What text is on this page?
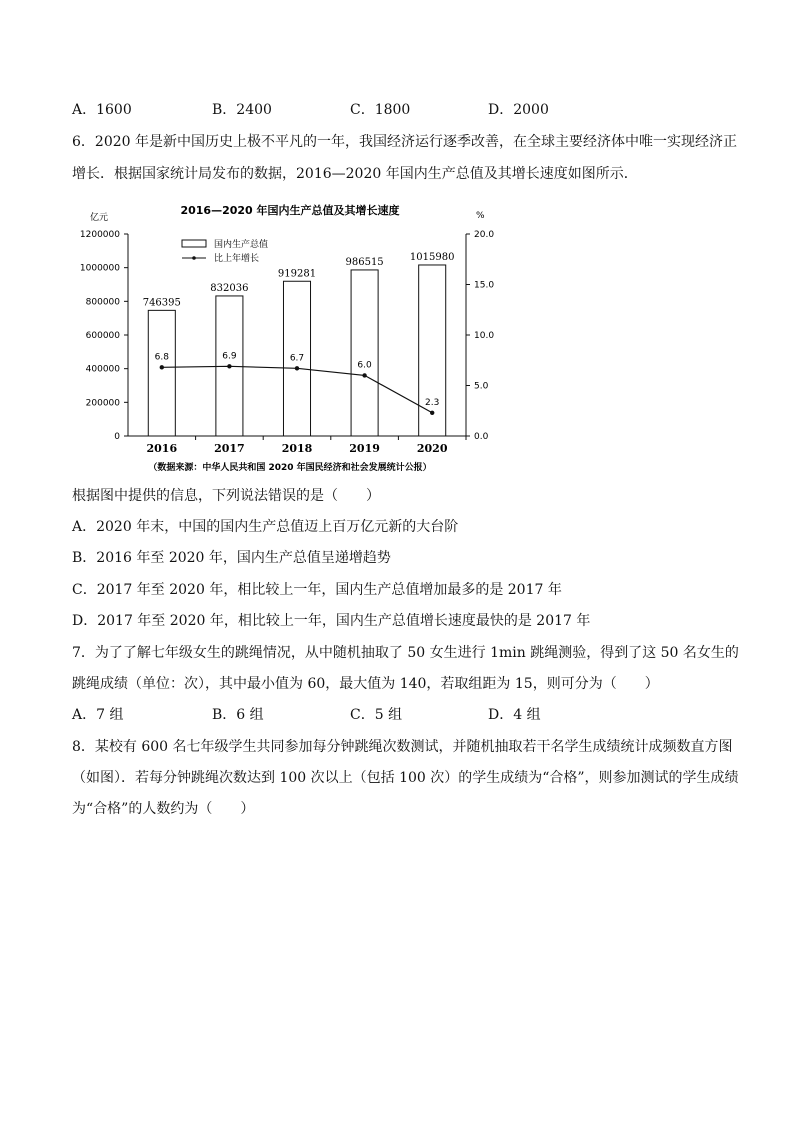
A．1600	B．2400	C．1800	D．2000
6．2020 年是新中国历史上极不平凡的一年，我国经济运行逐季改善，在全球主要经济体中唯一实现经济正
增长．根据国家统计局发布的数据，2016—2020 年国内生产总值及其增长速度如图所示．
2016—2020 年国内生产总值及其增长速度
亿元	%
国内生产总值
比上年增长
0
200000
400000
600000
800000
1000000
1200000
0.0
5.0
10.0
15.0
20.0
2016	2017	2018	2019	2020
746395
832036
919281
986515	1015980
6.8	6.9	6.7
6.0
2.3
（数据来源：中华人民共和国 2020 年国民经济和社会发展统计公报）
根据图中提供的信息，下列说法错误的是（　　）
A．2020 年末，中国的国内生产总值迈上百万亿元新的大台阶
B．2016 年至 2020 年，国内生产总值呈递增趋势
C．2017 年至 2020 年，相比较上一年，国内生产总值增加最多的是 2017 年
D．2017 年至 2020 年，相比较上一年，国内生产总值增长速度最快的是 2017 年
7．为了了解七年级女生的跳绳情况，从中随机抽取了 50 女生进行 1min 跳绳测验，得到了这 50 名女生的
跳绳成绩（单位：次），其中最小值为 60，最大值为 140，若取组距为 15，则可分为（　　）
A．7 组	B．6 组	C．5 组	D．4 组
8．某校有 600 名七年级学生共同参加每分钟跳绳次数测试，并随机抽取若干名学生成绩统计成频数直方图
（如图）．若每分钟跳绳次数达到 100 次以上（包括 100 次）的学生成绩为“合格”，则参加测试的学生成绩
为“合格”的人数约为（　　）
